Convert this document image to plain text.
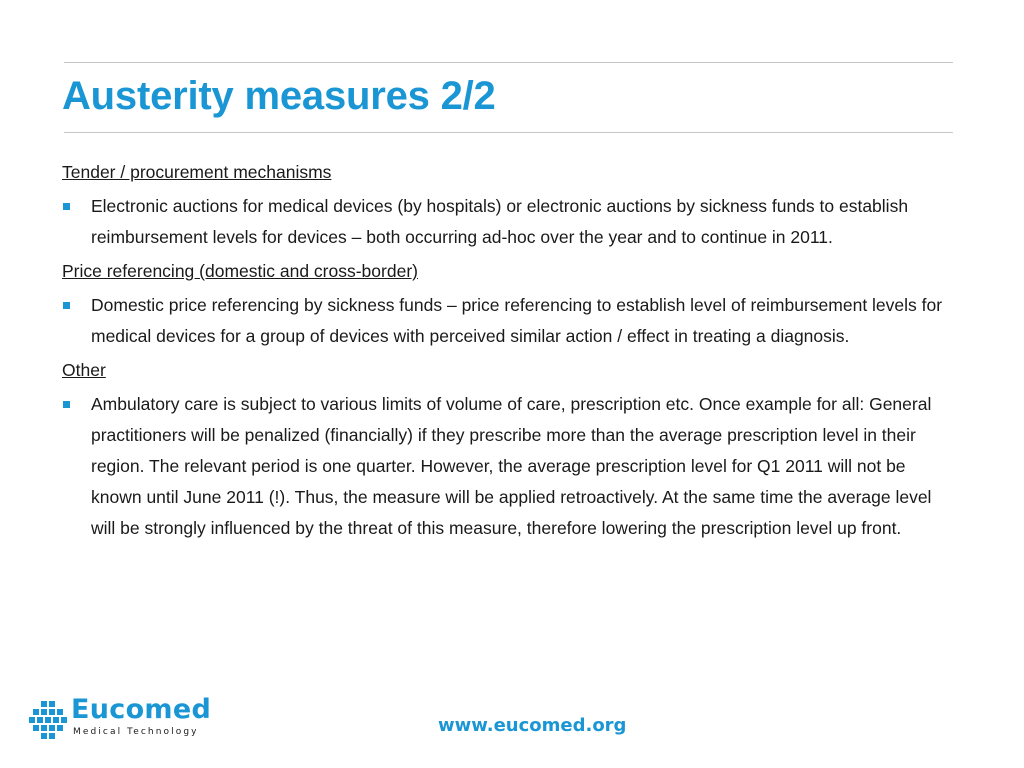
Austerity measures 2/2

Tender / procurement mechanisms

Electronic auctions for medical devices (by hospitals) or electronic auctions by sickness funds to establish reimbursement levels for devices – both occurring ad-hoc over the year and to continue in 2011.

Price referencing (domestic and cross-border)

Domestic price referencing by sickness funds – price referencing to establish level of reimbursement levels for medical devices for a group of devices with perceived similar action / effect in treating a diagnosis.

Other

Ambulatory care is subject to various limits of volume of care, prescription etc. Once example for all: General practitioners will be penalized (financially) if they prescribe more than the average prescription level in their region. The relevant period is one quarter. However, the average prescription level for Q1 2011 will not be known until June 2011 (!). Thus, the measure will be applied retroactively. At the same time the average level will be strongly influenced by the threat of this measure, therefore lowering the prescription level up front.
Eucomed
Medical Technology	www.eucomed.org
